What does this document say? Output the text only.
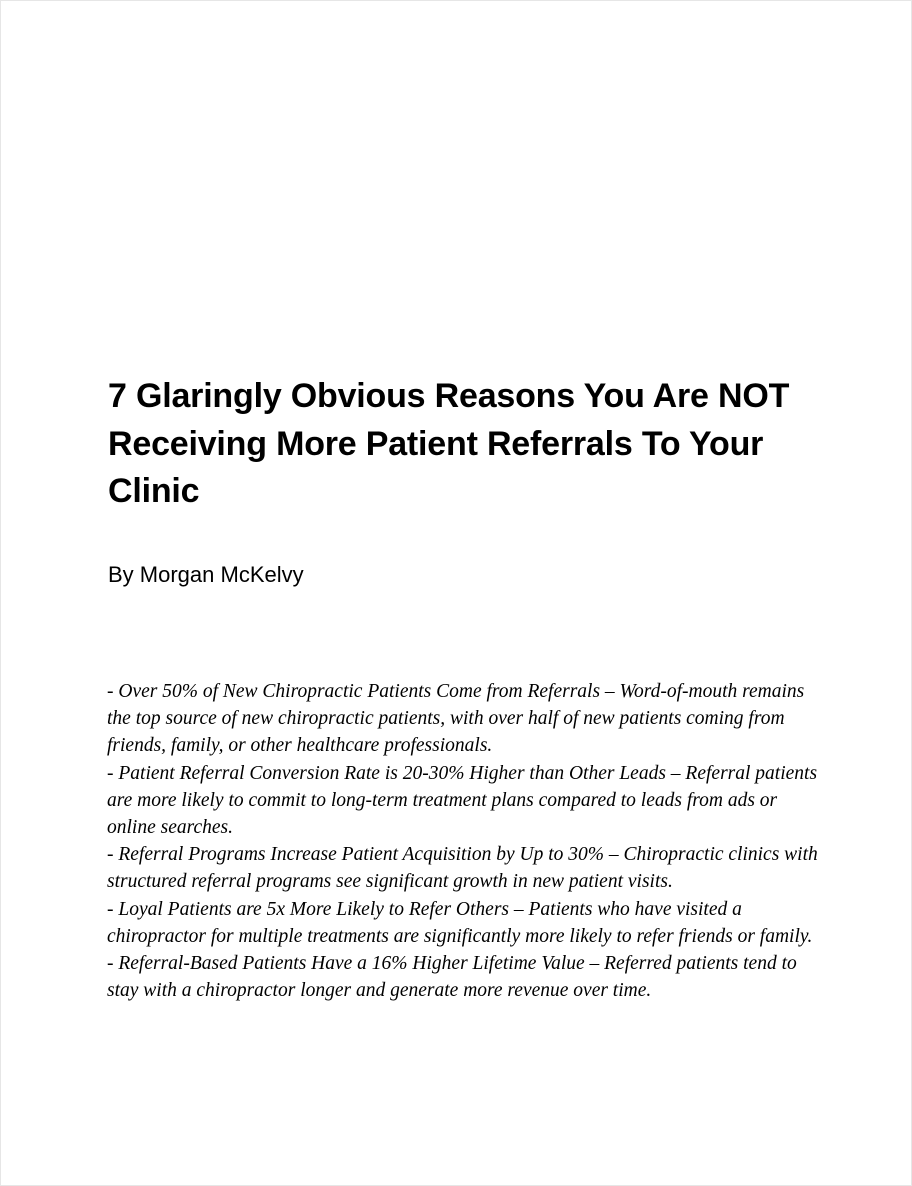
7 Glaringly Obvious Reasons You Are NOT Receiving More Patient Referrals To Your Clinic

By Morgan McKelvy

- Over 50% of New Chiropractic Patients Come from Referrals – Word-of-mouth remains the top source of new chiropractic patients, with over half of new patients coming from friends, family, or other healthcare professionals.
- Patient Referral Conversion Rate is 20-30% Higher than Other Leads – Referral patients are more likely to commit to long-term treatment plans compared to leads from ads or online searches.
- Referral Programs Increase Patient Acquisition by Up to 30% – Chiropractic clinics with structured referral programs see significant growth in new patient visits.
- Loyal Patients are 5x More Likely to Refer Others – Patients who have visited a chiropractor for multiple treatments are significantly more likely to refer friends or family.
- Referral-Based Patients Have a 16% Higher Lifetime Value – Referred patients tend to stay with a chiropractor longer and generate more revenue over time.
